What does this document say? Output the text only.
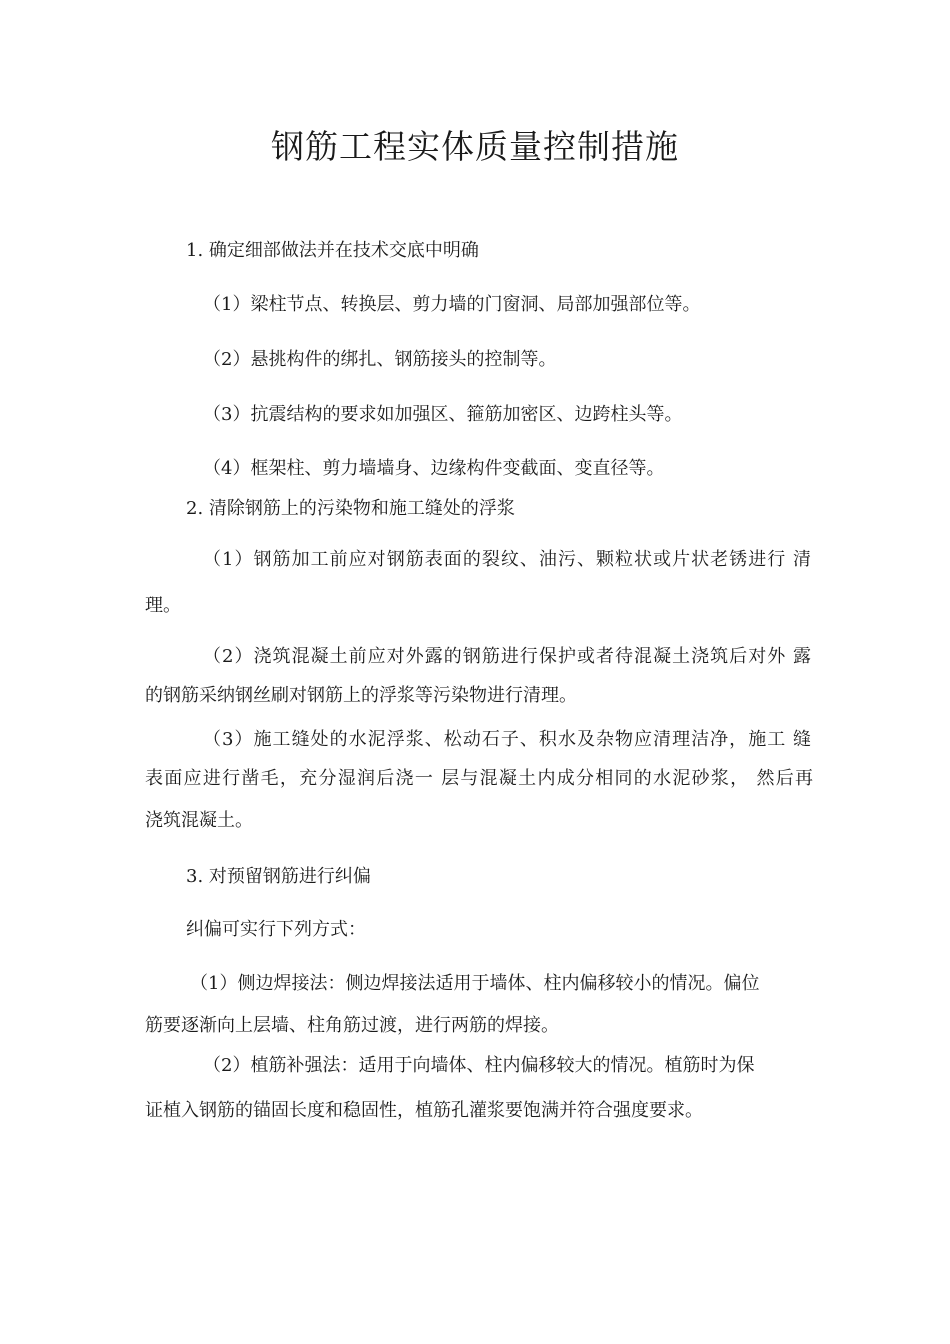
钢筋工程实体质量控制措施
1. 确定细部做法并在技术交底中明确
（1）梁柱节点、转换层、剪力墙的门窗洞、局部加强部位等。
（2）悬挑构件的绑扎、钢筋接头的控制等。
（3）抗震结构的要求如加强区、箍筋加密区、边跨柱头等。
（4）框架柱、剪力墙墙身、边缘构件变截面、变直径等。
2. 清除钢筋上的污染物和施工缝处的浮浆
（1）钢筋加工前应对钢筋表面的裂纹、油污、颗粒状或片状老锈进行 清
理。
（2）浇筑混凝土前应对外露的钢筋进行保护或者待混凝土浇筑后对外 露
的钢筋采纳钢丝刷对钢筋上的浮浆等污染物进行清理。
（3）施工缝处的水泥浮浆、松动石子、积水及杂物应清理洁净，施工 缝
表面应进行凿毛，充分湿润后浇一 层与混凝土内成分相同的水泥砂浆， 然后再
浇筑混凝土。
3. 对预留钢筋进行纠偏
纠偏可实行下列方式：
（1）侧边焊接法：侧边焊接法适用于墙体、柱内偏移较小的情况。偏位
筋要逐渐向上层墙、柱角筋过渡，进行两筋的焊接。
（2）植筋补强法：适用于向墙体、柱内偏移较大的情况。植筋时为保
证植入钢筋的锚固长度和稳固性，植筋孔灌浆要饱满并符合强度要求。
